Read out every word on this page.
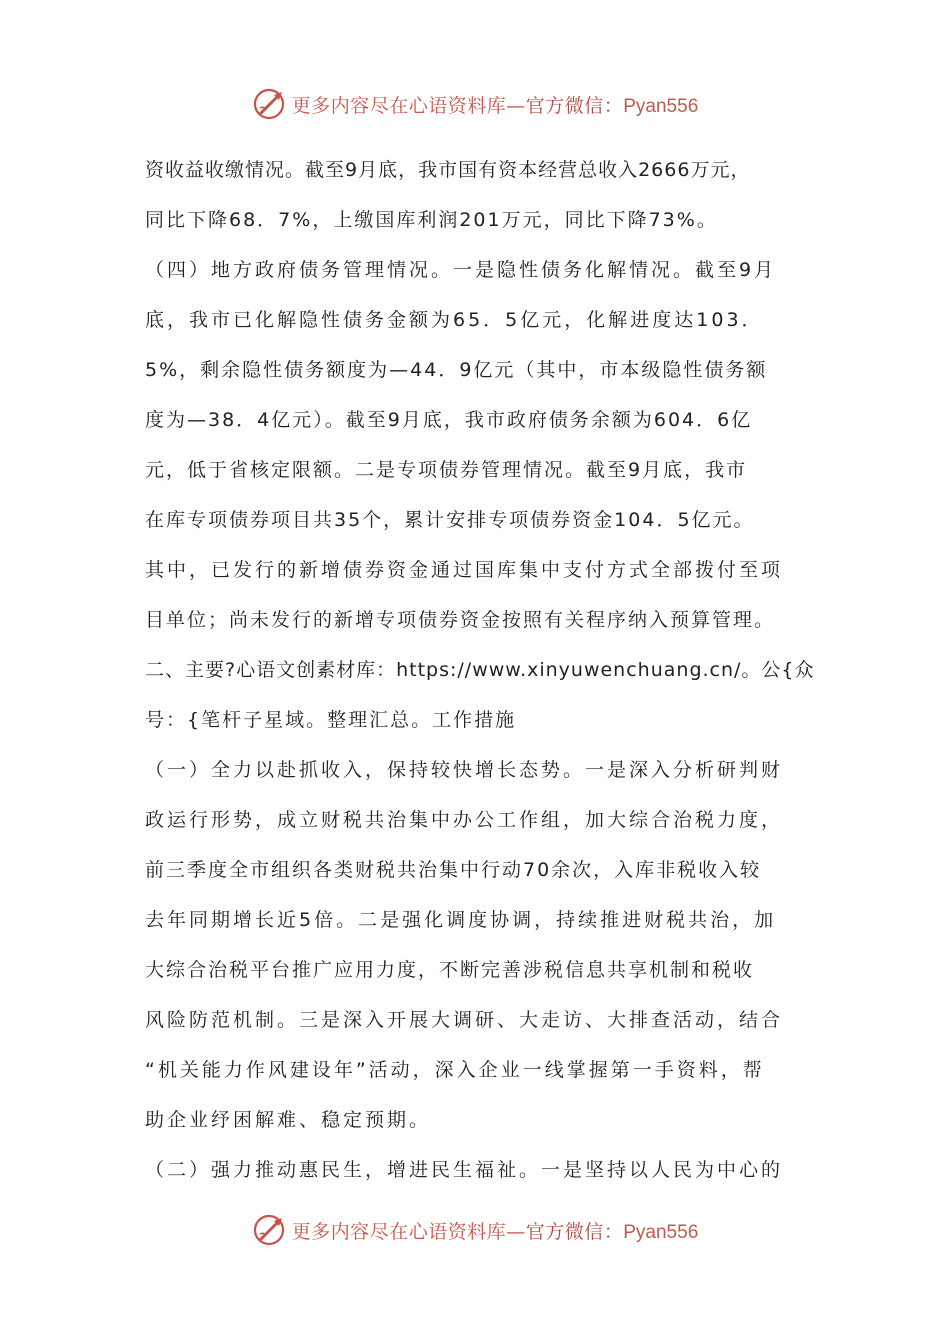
更多内容尽在心语资料库—官方微信：Pyan556
资收益收缴情况。截至9月底，我市国有资本经营总收入2666万元，
同比下降68．7%，上缴国库利润201万元，同比下降73%。
（四）地方政府债务管理情况。一是隐性债务化解情况。截至9月
底，我市已化解隐性债务金额为65．5亿元，化解进度达103．
5%，剩余隐性债务额度为—44．9亿元（其中，市本级隐性债务额
度为—38．4亿元）。截至9月底，我市政府债务余额为604．6亿
元，低于省核定限额。二是专项债券管理情况。截至9月底，我市
在库专项债券项目共35个，累计安排专项债券资金104．5亿元。
其中，已发行的新增债券资金通过国库集中支付方式全部拨付至项
目单位；尚未发行的新增专项债券资金按照有关程序纳入预算管理。
二、主要?心语文创素材库：https://www.xinyuwenchuang.cn/。公{众
号：{笔杆子星域。整理汇总。工作措施
（一）全力以赴抓收入，保持较快增长态势。一是深入分析研判财
政运行形势，成立财税共治集中办公工作组，加大综合治税力度，
前三季度全市组织各类财税共治集中行动70余次，入库非税收入较
去年同期增长近5倍。二是强化调度协调，持续推进财税共治，加
大综合治税平台推广应用力度，不断完善涉税信息共享机制和税收
风险防范机制。三是深入开展大调研、大走访、大排查活动，结合
“机关能力作风建设年”活动，深入企业一线掌握第一手资料，帮
助企业纾困解难、稳定预期。
（二）强力推动惠民生，增进民生福祉。一是坚持以人民为中心的
更多内容尽在心语资料库—官方微信：Pyan556
